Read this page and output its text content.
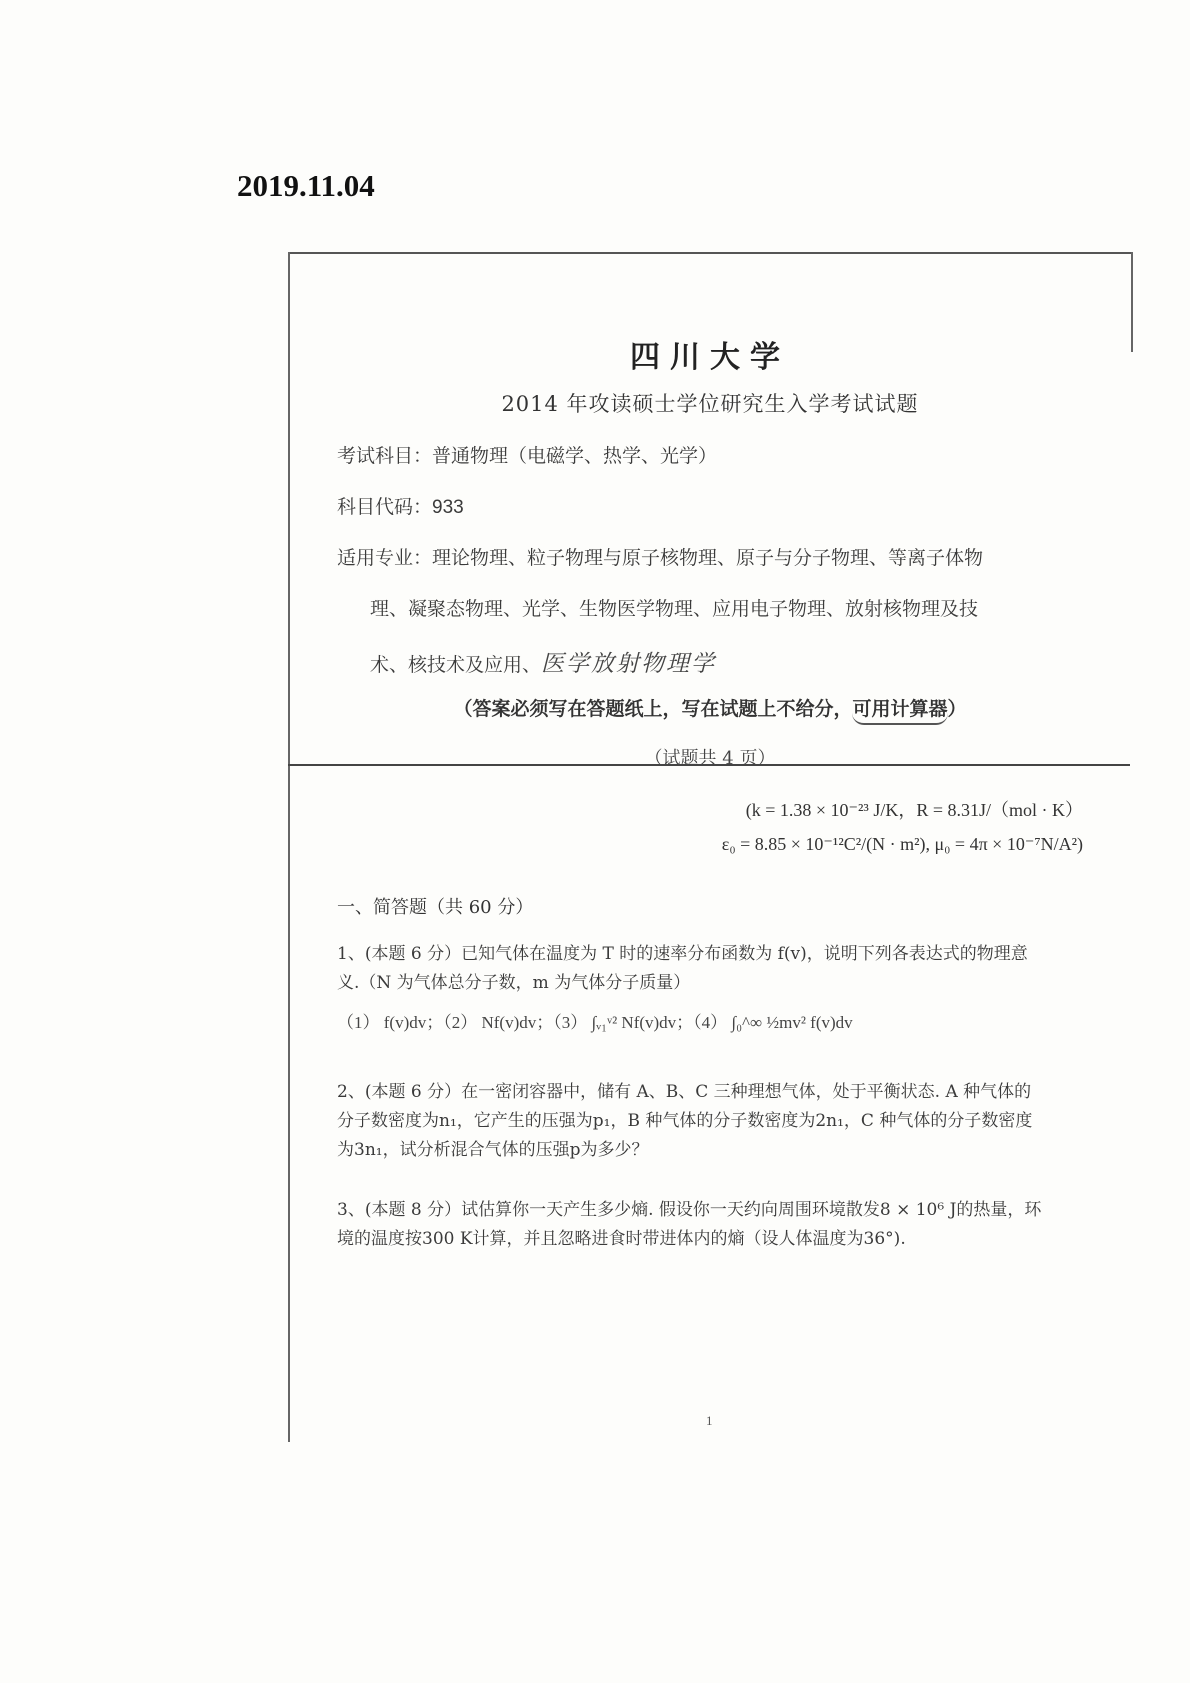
2019.11.04
四川大学
2014 年攻读硕士学位研究生入学考试试题
考试科目：普通物理（电磁学、热学、光学）
科目代码：933
适用专业：理论物理、粒子物理与原子核物理、原子与分子物理、等离子体物
理、凝聚态物理、光学、生物医学物理、应用电子物理、放射核物理及技
术、核技术及应用、医学放射物理学
（答案必须写在答题纸上，写在试题上不给分，可用计算器）
（试题共 4 页）
(k = 1.38 × 10⁻²³ J/K，R = 8.31J/（mol · K）
ε₀ = 8.85 × 10⁻¹²C²/(N · m²), μ₀ = 4π × 10⁻⁷N/A²)
一、简答题（共 60 分）
1、(本题 6 分）已知气体在温度为 T 时的速率分布函数为 f(v)，说明下列各表达式的物理意
义.（N 为气体总分子数，m 为气体分子质量）
（1） f(v)dv；（2） Nf(v)dv；（3） ∫ᵥ₁ᵛ² Nf(v)dv；（4） ∫₀^∞ ½mv² f(v)dv
2、(本题 6 分）在一密闭容器中，储有 A、B、C 三种理想气体，处于平衡状态. A 种气体的
分子数密度为n₁，它产生的压强为p₁，B 种气体的分子数密度为2n₁，C 种气体的分子数密度
为3n₁，试分析混合气体的压强p为多少？
3、(本题 8 分）试估算你一天产生多少熵. 假设你一天约向周围环境散发8 × 10⁶ J的热量，环
境的温度按300 K计算，并且忽略进食时带进体内的熵（设人体温度为36°).
1
